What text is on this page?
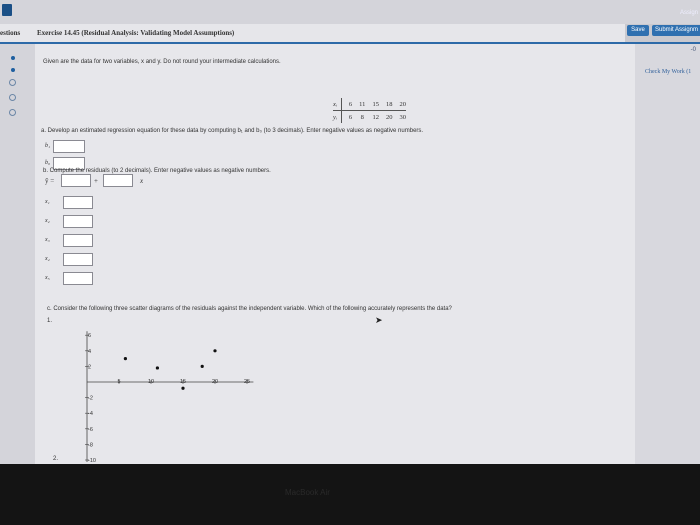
Assign
Save	Submit Assignm
estions Exercise 14.45 (Residual Analysis: Validating Model Assumptions)
-0
Check My Work (1
Given are the data for two variables, x and y. Do not round your intermediate calculations.
xᵢ	6	11	15	18	20
yᵢ	6	8	12	20	30
a. Develop an estimated regression equation for these data by computing b₁ and b₀ (to 3 decimals). Enter negative values as negative numbers.
b₁
b₀
ŷ =	+	x
b. Compute the residuals (to 2 decimals). Enter negative values as negative numbers.
x₁
x₂
x₃
x₄
x₅
c. Consider the following three scatter diagrams of the residuals against the independent variable. Which of the following accurately represents the data?
1.
5	10	15	20	25
6
4
2
-2
-4
-6
-8
-10
2.
➤
MacBook Air
